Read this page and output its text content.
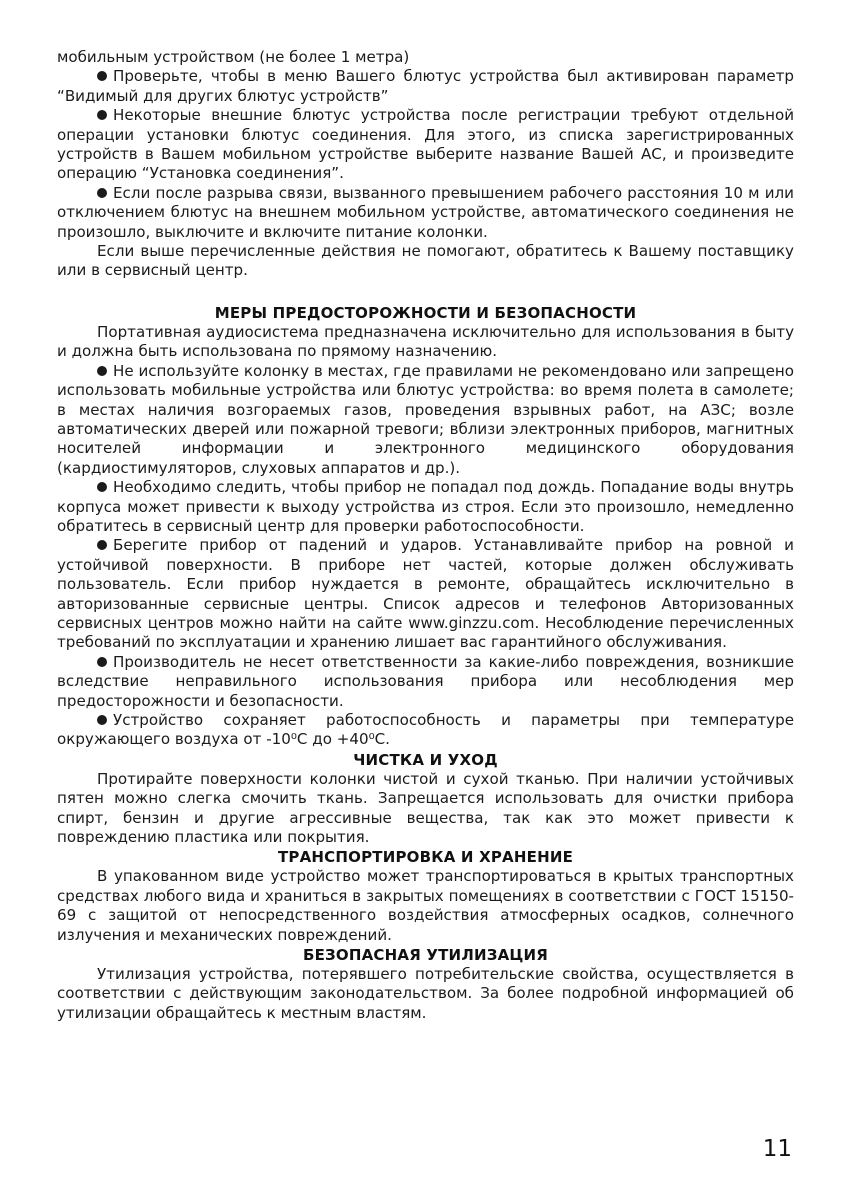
мобильным устройством (не более 1 метра)

Проверьте, чтобы в меню Вашего блютус устройства был активирован параметр “Видимый для других блютус устройств”

Некоторые внешние блютус устройства после регистрации требуют отдельной операции установки блютус соединения. Для этого, из списка зарегистрированных устройств в Вашем мобильном устройстве выберите название Вашей АС, и произведите операцию “Установка соединения”.

Если после разрыва связи, вызванного превышением рабочего расстояния 10 м или отключением блютус на внешнем мобильном устройстве, автоматического соединения не произошло, выключите и включите питание колонки.

Если выше перечисленные действия не помогают, обратитесь к Вашему поставщику или в сервисный центр.

МЕРЫ ПРЕДОСТОРОЖНОСТИ И БЕЗОПАСНОСТИ

Портативная аудиосистема предназначена исключительно для использования в быту и должна быть использована по прямому назначению.

Не используйте колонку в местах, где правилами не рекомендовано или запрещено использовать мобильные устройства или блютус устройства: во время полета в самолете; в местах наличия возгораемых газов, проведения взрывных работ, на АЗС; возле автоматических дверей или пожарной тревоги; вблизи электронных приборов, магнитных носителей информации и электронного медицинского оборудования (кардиостимуляторов, слуховых аппаратов и др.).

Необходимо следить, чтобы прибор не попадал под дождь. Попадание воды внутрь корпуса может привести к выходу устройства из строя. Если это произошло, немедленно обратитесь в сервисный центр для проверки работоспособности.

Берегите прибор от падений и ударов. Устанавливайте прибор на ровной и устойчивой поверхности. В приборе нет частей, которые должен обслуживать пользователь. Если прибор нуждается в ремонте, обращайтесь исключительно в авторизованные сервисные центры. Список адресов и телефонов Авторизованных сервисных центров можно найти на сайте www.ginzzu.com. Несоблюдение перечисленных требований по эксплуатации и хранению лишает вас гарантийного обслуживания.

Производитель не несет ответственности за какие-либо повреждения, возникшие вследствие неправильного использования прибора или несоблюдения мер предосторожности и безопасности.

Устройство сохраняет работоспособность и параметры при температуре окружающего воздуха от -10⁰С до +40⁰С.

ЧИСТКА И УХОД

Протирайте поверхности колонки чистой и сухой тканью. При наличии устойчивых пятен можно слегка смочить ткань. Запрещается использовать для очистки прибора спирт, бензин и другие агрессивные вещества, так как это может привести к повреждению пластика или покрытия.

ТРАНСПОРТИРОВКА И ХРАНЕНИЕ

В упакованном виде устройство может транспортироваться в крытых транспортных средствах любого вида и храниться в закрытых помещениях в соответствии с ГОСТ 15150-69 с защитой от непосредственного воздействия атмосферных осадков, солнечного излучения и механических повреждений.

БЕЗОПАСНАЯ УТИЛИЗАЦИЯ

Утилизация устройства, потерявшего потребительские свойства, осуществляется в соответствии с действующим законодательством. За более подробной информацией об утилизации обращайтесь к местным властям.

11
